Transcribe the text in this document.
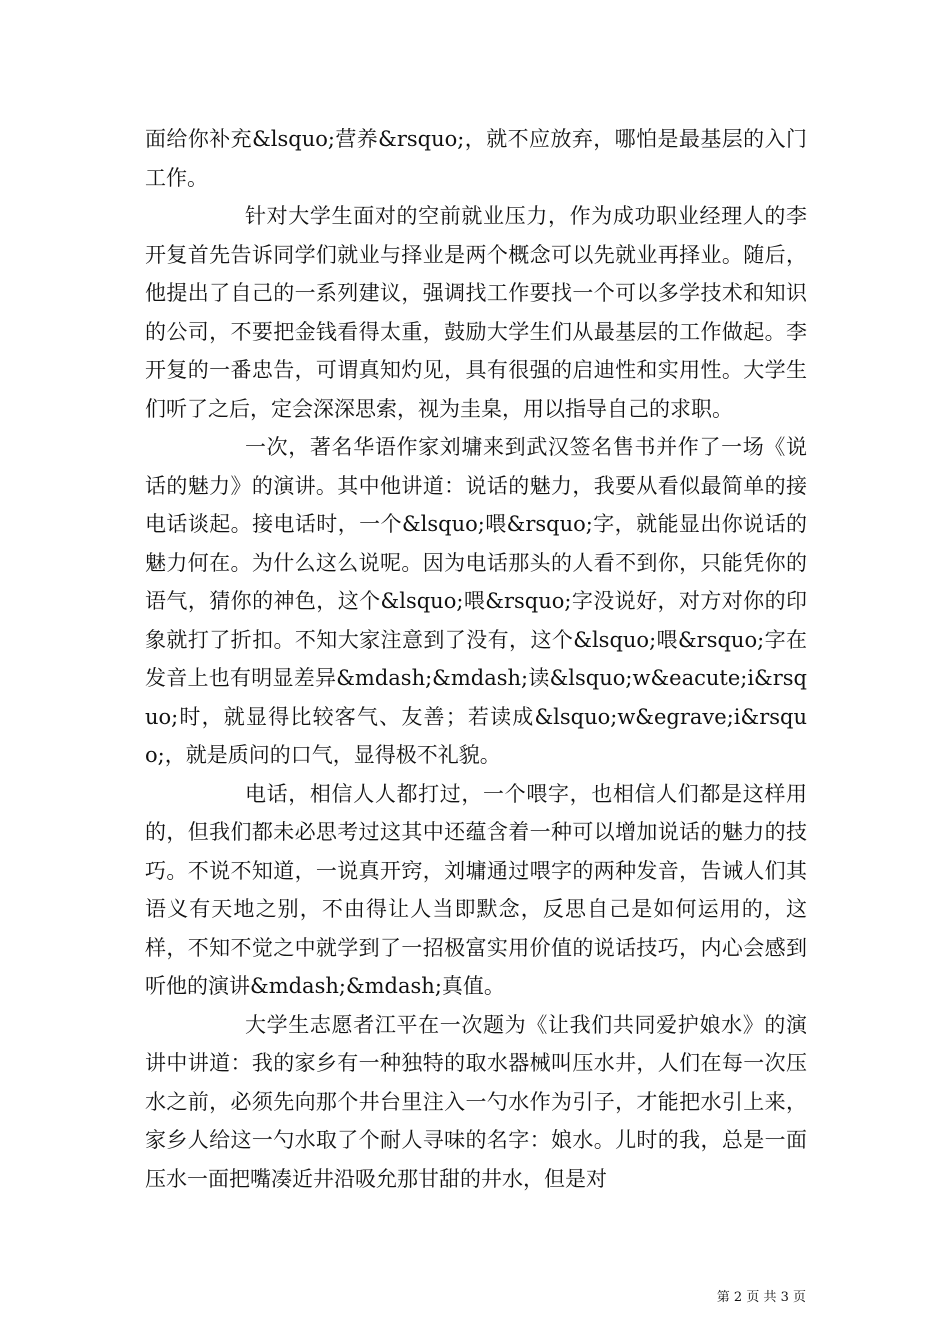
面给你补充&lsquo;营养&rsquo;，就不应放弃，哪怕是最基层的入门工作。

针对大学生面对的空前就业压力，作为成功职业经理人的李开复首先告诉同学们就业与择业是两个概念可以先就业再择业。随后，他提出了自己的一系列建议，强调找工作要找一个可以多学技术和知识的公司，不要把金钱看得太重，鼓励大学生们从最基层的工作做起。李开复的一番忠告，可谓真知灼见，具有很强的启迪性和实用性。大学生们听了之后，定会深深思索，视为圭臬，用以指导自己的求职。

一次，著名华语作家刘墉来到武汉签名售书并作了一场《说话的魅力》的演讲。其中他讲道：说话的魅力，我要从看似最简单的接电话谈起。接电话时，一个&lsquo;喂&rsquo;字，就能显出你说话的魅力何在。为什么这么说呢。因为电话那头的人看不到你，只能凭你的语气，猜你的神色，这个&lsquo;喂&rsquo;字没说好，对方对你的印象就打了折扣。不知大家注意到了没有，这个&lsquo;喂&rsquo;字在发音上也有明显差异&mdash;&mdash;读&lsquo;w&eacute;i&rsquo;时，就显得比较客气、友善；若读成&lsquo;w&egrave;i&rsquo;，就是质问的口气，显得极不礼貌。

电话，相信人人都打过，一个喂字，也相信人们都是这样用的，但我们都未必思考过这其中还蕴含着一种可以增加说话的魅力的技巧。不说不知道，一说真开窍，刘墉通过喂字的两种发音，告诫人们其语义有天地之别，不由得让人当即默念，反思自己是如何运用的，这样，不知不觉之中就学到了一招极富实用价值的说话技巧，内心会感到听他的演讲&mdash;&mdash;真值。

大学生志愿者江平在一次题为《让我们共同爱护娘水》的演讲中讲道：我的家乡有一种独特的取水器械叫压水井，人们在每一次压水之前，必须先向那个井台里注入一勺水作为引子，才能把水引上来，家乡人给这一勺水取了个耐人寻味的名字：娘水。儿时的我，总是一面压水一面把嘴凑近井沿吸允那甘甜的井水，但是对

第 2 页 共 3 页
